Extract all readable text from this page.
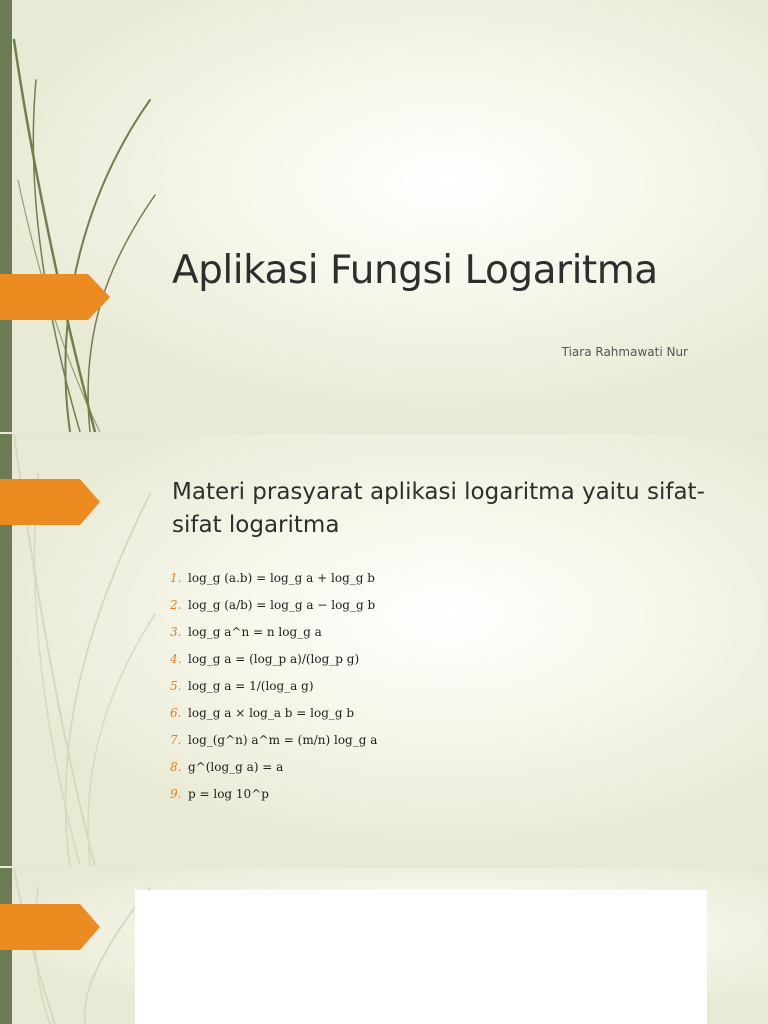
Aplikasi Fungsi Logaritma
Tiara Rahmawati Nur
Materi prasyarat aplikasi logaritma yaitu sifat-sifat logaritma
1. log_g (a.b) = log_g a + log_g b
2. log_g (a/b) = log_g a − log_g b
3. log_g a^n = n log_g a
4. log_g a = (log_p a)/(log_p g)
5. log_g a = 1/(log_a g)
6. log_g a × log_a b = log_g b
7. log_(g^n) a^m = (m/n) log_g a
8. g^(log_g a) = a
9. p = log 10^p
